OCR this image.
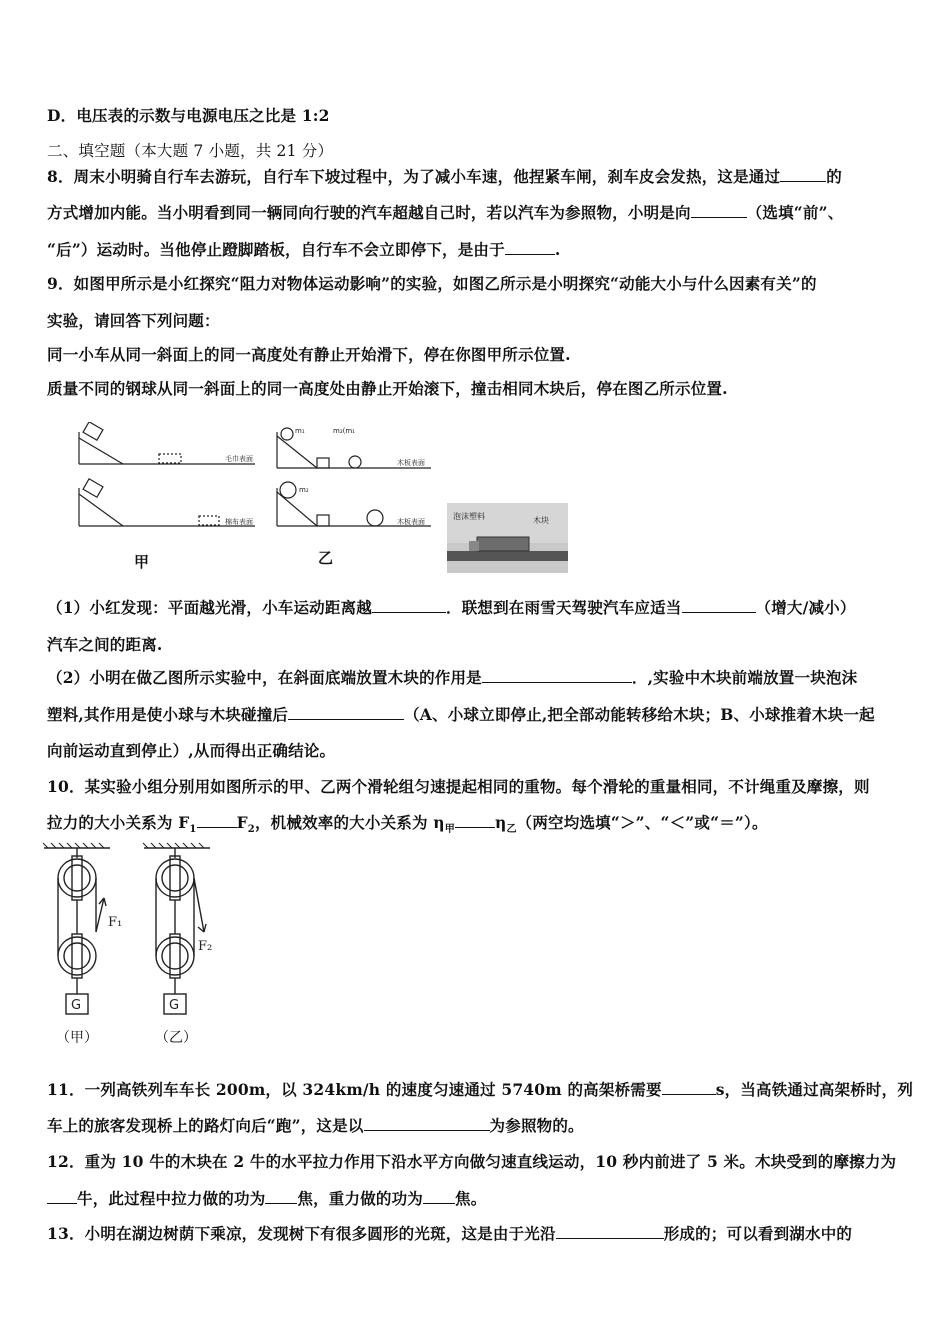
D．电压表的示数与电源电压之比是 1:2
二、填空题（本大题 7 小题，共 21 分）
8．周末小明骑自行车去游玩，自行车下坡过程中，为了减小车速，他捏紧车闸，刹车皮会发热，这是通过	的
方式增加内能。当小明看到同一辆同向行驶的汽车超越自己时，若以汽车为参照物，小明是向	（选填“前”、
“后”）运动时。当他停止蹬脚踏板，自行车不会立即停下，是由于	.
9．如图甲所示是小红探究“阻力对物体运动影响”的实验，如图乙所示是小明探究“动能大小与什么因素有关”的
实验，请回答下列问题：
同一小车从同一斜面上的同一高度处有静止开始滑下，停在你图甲所示位置.
质量不同的钢球从同一斜面上的同一高度处由静止开始滚下，撞击相同木块后，停在图乙所示位置.
毛巾表面
棉布表面
甲
m₁	m₂(m₁
m₂
木板表面
木板表面
乙
泡沫塑料	木块
（1）小红发现：平面越光滑，小车运动距离越	．联想到在雨雪天驾驶汽车应适当	（增大/减小）
汽车之间的距离.
（2）小明在做乙图所示实验中，在斜面底端放置木块的作用是	．,实验中木块前端放置一块泡沫
塑料,其作用是使小球与木块碰撞后	（A、小球立即停止,把全部动能转移给木块；B、小球推着木块一起
向前运动直到停止）,从而得出正确结论。
10．某实验小组分别用如图所示的甲、乙两个滑轮组匀速提起相同的重物。每个滑轮的重量相同，不计绳重及摩擦，则
拉力的大小关系为 $F_1$	$F_2$，机械效率的大小关系为 $\eta_甲$	$\eta_乙$（两空均选填“＞”、“＜”或“＝”）。
F₁
G
（甲）
F₂
G
（乙）
11．一列高铁列车车长 200m，以 324km/h 的速度匀速通过 5740m 的高架桥需要	s，当高铁通过高架桥时，列
车上的旅客发现桥上的路灯向后“跑”，这是以	为参照物的。
12．重为 10 牛的木块在 2 牛的水平拉力作用下沿水平方向做匀速直线运动，10 秒内前进了 5 米。木块受到的摩擦力为
牛，此过程中拉力做的功为 焦，重力做的功为 焦。
13．小明在湖边树荫下乘凉，发现树下有很多圆形的光斑，这是由于光沿	形成的；可以看到湖水中的
